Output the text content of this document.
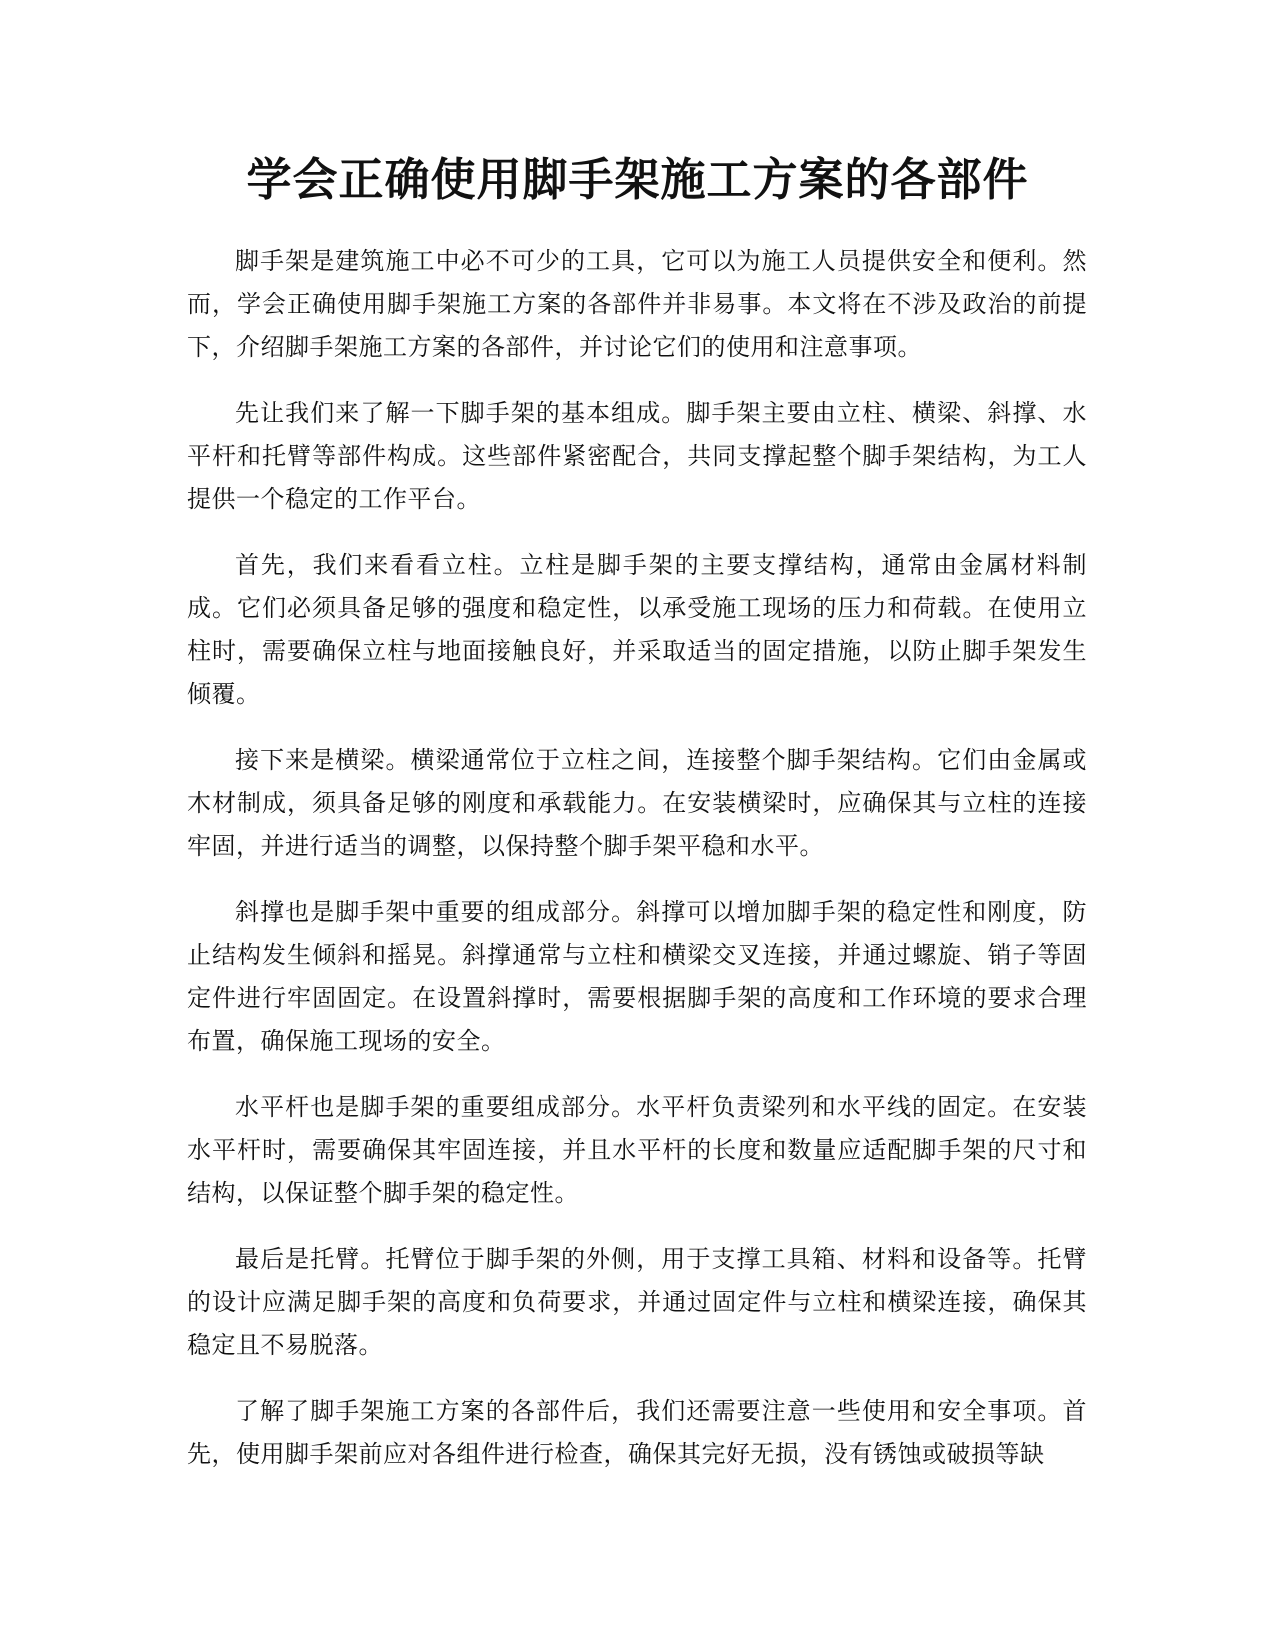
学会正确使用脚手架施工方案的各部件

脚手架是建筑施工中必不可少的工具，它可以为施工人员提供安全和便利。然而，学会正确使用脚手架施工方案的各部件并非易事。本文将在不涉及政治的前提下，介绍脚手架施工方案的各部件，并讨论它们的使用和注意事项。

先让我们来了解一下脚手架的基本组成。脚手架主要由立柱、横梁、斜撑、水平杆和托臂等部件构成。这些部件紧密配合，共同支撑起整个脚手架结构，为工人提供一个稳定的工作平台。

首先，我们来看看立柱。立柱是脚手架的主要支撑结构，通常由金属材料制成。它们必须具备足够的强度和稳定性，以承受施工现场的压力和荷载。在使用立柱时，需要确保立柱与地面接触良好，并采取适当的固定措施，以防止脚手架发生倾覆。

接下来是横梁。横梁通常位于立柱之间，连接整个脚手架结构。它们由金属或木材制成，须具备足够的刚度和承载能力。在安装横梁时，应确保其与立柱的连接牢固，并进行适当的调整，以保持整个脚手架平稳和水平。

斜撑也是脚手架中重要的组成部分。斜撑可以增加脚手架的稳定性和刚度，防止结构发生倾斜和摇晃。斜撑通常与立柱和横梁交叉连接，并通过螺旋、销子等固定件进行牢固固定。在设置斜撑时，需要根据脚手架的高度和工作环境的要求合理布置，确保施工现场的安全。

水平杆也是脚手架的重要组成部分。水平杆负责梁列和水平线的固定。在安装水平杆时，需要确保其牢固连接，并且水平杆的长度和数量应适配脚手架的尺寸和结构，以保证整个脚手架的稳定性。

最后是托臂。托臂位于脚手架的外侧，用于支撑工具箱、材料和设备等。托臂的设计应满足脚手架的高度和负荷要求，并通过固定件与立柱和横梁连接，确保其稳定且不易脱落。

了解了脚手架施工方案的各部件后，我们还需要注意一些使用和安全事项。首先，使用脚手架前应对各组件进行检查，确保其完好无损，没有锈蚀或破损等缺
